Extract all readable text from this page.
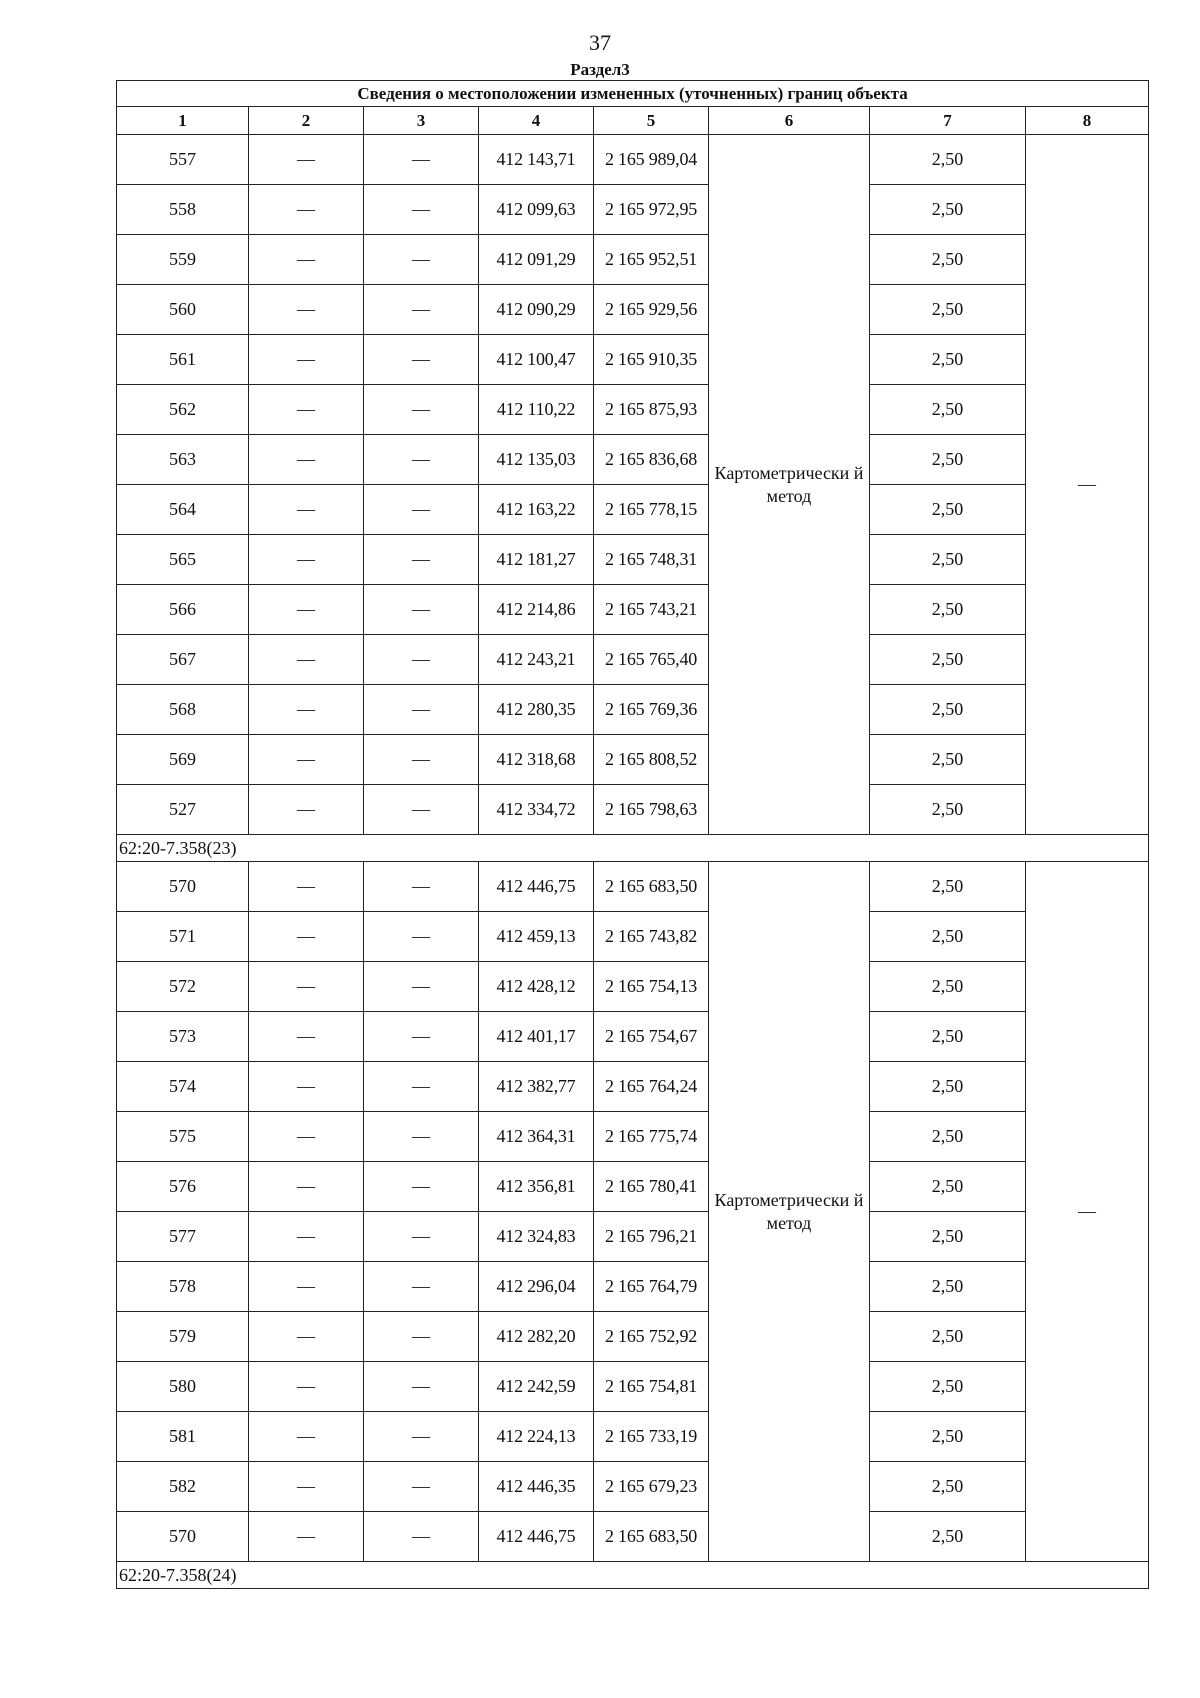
37
Раздел3
Сведения о местоположении измененных (уточненных) границ объекта							
1	2	3	4	5	6	7	8
557	—	—	412 143,71	2 165 989,04	Картометрически й метод	2,50	—
558	—	—	412 099,63	2 165 972,95		2,50	
559	—	—	412 091,29	2 165 952,51		2,50	
560	—	—	412 090,29	2 165 929,56		2,50	
561	—	—	412 100,47	2 165 910,35		2,50	
562	—	—	412 110,22	2 165 875,93		2,50	
563	—	—	412 135,03	2 165 836,68		2,50	
564	—	—	412 163,22	2 165 778,15		2,50	
565	—	—	412 181,27	2 165 748,31		2,50	
566	—	—	412 214,86	2 165 743,21		2,50	
567	—	—	412 243,21	2 165 765,40		2,50	
568	—	—	412 280,35	2 165 769,36		2,50	
569	—	—	412 318,68	2 165 808,52		2,50	
527	—	—	412 334,72	2 165 798,63		2,50	
62:20-7.358(23)							
570	—	—	412 446,75	2 165 683,50	Картометрически й метод	2,50	—
571	—	—	412 459,13	2 165 743,82		2,50	
572	—	—	412 428,12	2 165 754,13		2,50	
573	—	—	412 401,17	2 165 754,67		2,50	
574	—	—	412 382,77	2 165 764,24		2,50	
575	—	—	412 364,31	2 165 775,74		2,50	
576	—	—	412 356,81	2 165 780,41		2,50	
577	—	—	412 324,83	2 165 796,21		2,50	
578	—	—	412 296,04	2 165 764,79		2,50	
579	—	—	412 282,20	2 165 752,92		2,50	
580	—	—	412 242,59	2 165 754,81		2,50	
581	—	—	412 224,13	2 165 733,19		2,50	
582	—	—	412 446,35	2 165 679,23		2,50	
570	—	—	412 446,75	2 165 683,50		2,50	
62:20-7.358(24)							
